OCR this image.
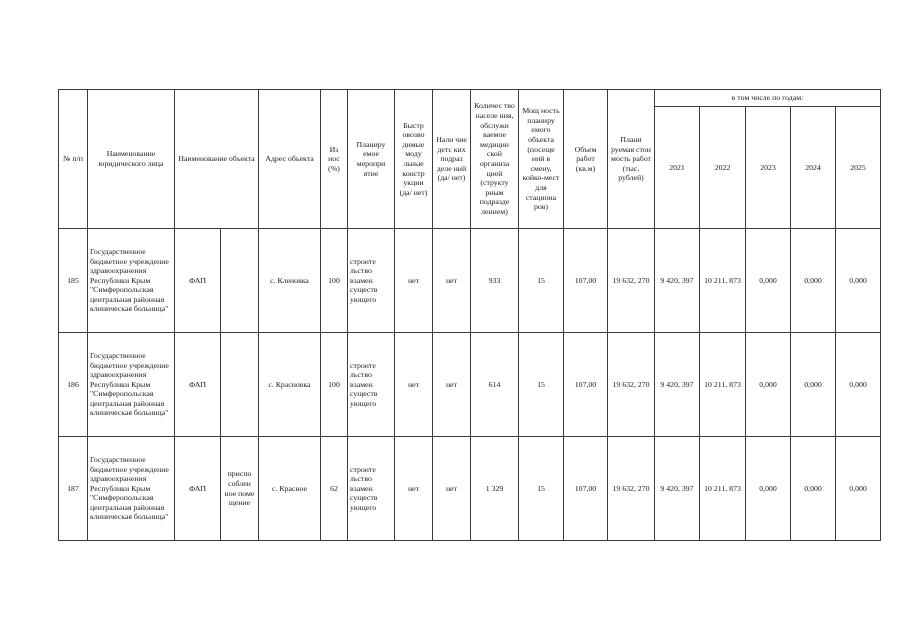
№ п/п	Наименование юридического лица	Наименование объекта		Адрес объекта	Из нос (%)	Планиру емое меропри ятие	Быстр овозво димые моду льные констр укции (да/ нет)	Нали чие детс ких подраз деле ний (да/ нет)	Количес тво населе ния, обслужи ваемое медицин ской организа цией (структу рным подразде лением)	Мощ ность планиру емого объекта (посеще ний в смену, койко-мест для стациона ров)	Объем работ (кв.м)	Плани руемая стои мость работ (тыс. рублей)	в том числе по годам:				
													2021	2022	2023	2024	2025
185	Государственное бюджетное учреждение здравоохранения Республики Крым "Симферопольская центральная районная клиническая больница"	ФАП		с. Кленовка	100	строите льство взамен существ ующего	нет	нет	933	15	107,00	19 632, 270	9 420, 397	10 211, 873	0,000	0,000	0,000
186	Государственное бюджетное учреждение здравоохранения Республики Крым "Симферопольская центральная районная клиническая больница"	ФАП		с. Красновка	100	строите льство взамен существ ующего	нет	нет	614	15	107,00	19 632, 270	9 420, 397	10 211, 873	0,000	0,000	0,000
187	Государственное бюджетное учреждение здравоохранения Республики Крым "Симферопольская центральная районная клиническая больница"	ФАП	приспо соблен ное поме щение	с. Красное	62	строите льство взамен существ ующего	нет	нет	1 329	15	107,00	19 632, 270	9 420, 397	10 211, 873	0,000	0,000	0,000
